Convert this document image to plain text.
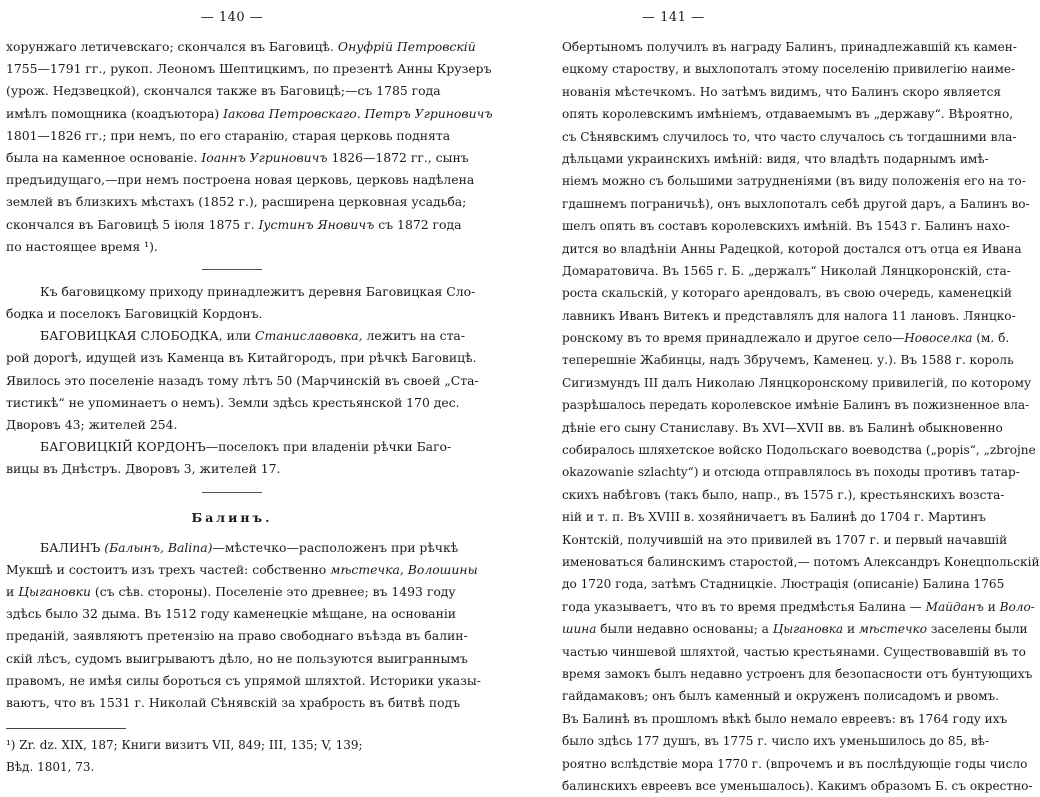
— 140 —
хорунжаго летичевскаго; скончался въ Баговицѣ. Онуфрій Петровскій
1755—1791 гг., рукоп. Леономъ Шептицкимъ, по презентѣ Анны Крузеръ
(урож. Недзвецкой), скончался также въ Баговицѣ;—съ 1785 года
имѣлъ помощника (коадъютора) Іакова Петровскаго. Петръ Угриновичъ
1801—1826 гг.; при немъ, по его старанію, старая церковь поднята
была на каменное основаніе. Іоаннъ Угриновичъ 1826—1872 гг., сынъ
предъидущаго,—при немъ построена новая церковь, церковь надѣлена
землей въ близкихъ мѣстахъ (1852 г.), расширена церковная усадьба;
скончался въ Баговицѣ 5 іюля 1875 г. Іустинъ Яновичъ съ 1872 года
по настоящее время ¹).
Къ баговицкому приходу принадлежитъ деревня Баговицкая Сло-
бодка и поселокъ Баговицкій Кордонъ.
БАГОВИЦКАЯ СЛОБОДКА, или Станиславовка, лежитъ на ста-
рой дорогѣ, идущей изъ Каменца въ Китайгородъ, при рѣчкѣ Баговицѣ.
Явилось это поселеніе назадъ тому лѣтъ 50 (Марчинскій въ своей „Ста-
тистикѣ“ не упоминаетъ о немъ). Земли здѣсь крестьянской 170 дес.
Дворовъ 43; жителей 254.
БАГОВИЦКІЙ КОРДОНЪ—поселокъ при владеніи рѣчки Баго-
вицы въ Днѣстръ. Дворовъ 3, жителей 17.
Балинъ.
БАЛИНЪ (Балынъ, Balina)—мѣстечко—расположенъ при рѣчкѣ
Мукшѣ и состоитъ изъ трехъ частей: собственно мѣстечка, Волошины
и Цыгановки (съ сѣв. стороны). Поселеніе это древнее; въ 1493 году
здѣсь было 32 дыма. Въ 1512 году каменецкіе мѣщане, на основаніи
преданій, заявляютъ претензію на право свободнаго въѣзда въ балин-
скій лѣсъ, судомъ выигрываютъ дѣло, но не пользуются выиграннымъ
правомъ, не имѣя силы бороться съ упрямой шляхтой. Историки указы-
ваютъ, что въ 1531 г. Николай Сѣнявскій за храбрость въ битвѣ подъ
¹) Zr. dz. XIX, 187; Книги визитъ VII, 849; III, 135; V, 139;
Вѣд. 1801, 73.
— 141 —
Обертыномъ получилъ въ награду Балинъ, принадлежавшій къ камен-
ецкому староству, и выхлопоталъ этому поселенію привилегію наиме-
нованія мѣстечкомъ. Но затѣмъ видимъ, что Балинъ скоро является
опять королевскимъ имѣніемъ, отдаваемымъ въ „державу“. Вѣроятно,
съ Сѣнявскимъ случилось то, что часто случалось съ тогдашними вла-
дѣльцами украинскихъ имѣній: видя, что владѣть подарнымъ имѣ-
ніемъ можно съ большими затрудненіями (въ виду положенія его на то-
гдашнемъ пограничьѣ), онъ выхлопоталъ себѣ другой даръ, а Балинъ во-
шелъ опять въ составъ королевскихъ имѣній. Въ 1543 г. Балинъ нахо-
дится во владѣніи Анны Радецкой, которой достался отъ отца ея Ивана
Домаратовича. Въ 1565 г. Б. „держалъ“ Николай Лянцкоронскій, ста-
роста скальскій, у котораго арендовалъ, въ свою очередь, каменецкій
лавникъ Иванъ Витекъ и представлялъ для налога 11 лановъ. Лянцко-
ронскому въ то время принадлежало и другое село—Новоселка (м. б.
теперешніе Жабинцы, надъ Збручемъ, Каменец. у.). Въ 1588 г. король
Сигизмундъ III далъ Николаю Лянцкоронскому привилегій, по которому
разрѣшалось передать королевское имѣніе Балинъ въ пожизненное вла-
дѣніе его сыну Станиславу. Въ XVI—XVII вв. въ Балинѣ обыкновенно
собиралось шляхетское войско Подольскаго воеводства („popis“, „zbrojne
okazowanie szlachty“) и отсюда отправлялось въ походы противъ татар-
скихъ набѣговъ (такъ было, напр., въ 1575 г.), крестьянскихъ возста-
ній и т. п. Въ XVIII в. хозяйничаетъ въ Балинѣ до 1704 г. Мартинъ
Контскій, получившій на это привилей въ 1707 г. и первый начавшій
именоваться балинскимъ старостой,— потомъ Александръ Конецпольскій
до 1720 года, затѣмъ Стадницкіе. Люстрація (описаніе) Балина 1765
года указываетъ, что въ то время предмѣстья Балина — Майданъ и Воло-
шина были недавно основаны; а Цыгановка и мѣстечко заселены были
частью чиншевой шляхтой, частью крестьянами. Существовавшій въ то
время замокъ былъ недавно устроенъ для безопасности отъ бунтующихъ
гайдамаковъ; онъ былъ каменный и окруженъ полисадомъ и рвомъ.
Въ Балинѣ въ прошломъ вѣкѣ было немало евреевъ: въ 1764 году ихъ
было здѣсь 177 душъ, въ 1775 г. число ихъ уменьшилось до 85, вѣ-
роятно вслѣдствіе мора 1770 г. (впрочемъ и въ послѣдующіе годы число
балинскихъ евреевъ все уменьшалось). Какимъ образомъ Б. съ окрестно-
